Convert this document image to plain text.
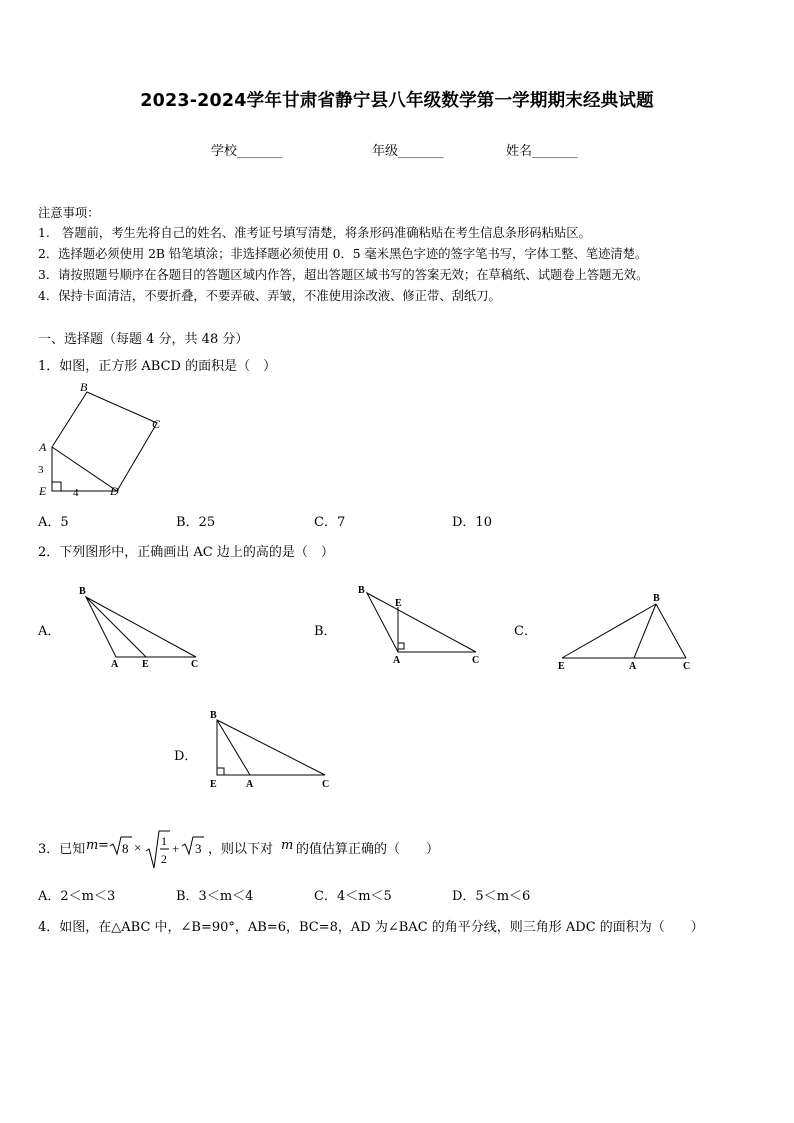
2023-2024学年甘肃省静宁县八年级数学第一学期期末经典试题
学校_______	年级_______	姓名_______
注意事项：
1.　答题前，考生先将自己的姓名、准考证号填写清楚，将条形码准确粘贴在考生信息条形码粘贴区。
2．选择题必须使用 2B 铅笔填涂；非选择题必须使用 0．5 毫米黑色字迹的签字笔书写，字体工整、笔迹清楚。
3．请按照题号顺序在各题目的答题区域内作答，超出答题区域书写的答案无效；在草稿纸、试题卷上答题无效。
4．保持卡面清洁，不要折叠，不要弄破、弄皱，不准使用涂改液、修正带、刮纸刀。
一、选择题（每题 4 分，共 48 分）
1．如图，正方形 ABCD 的面积是（　）
B
C
A
E	D
3
4
A．5	B．25	C．7	D．10
2．下列图形中，正确画出 AC 边上的高的是（　）
A．
B
A E	C
B．
B
E
A	C
C．
B
E	A	C
D．
B
E	A	C
3．已知 m = 8 × 1
2
+ 3 ，则以下对 m 的值估算正确的（　　）
A．2＜m＜3	B．3＜m＜4	C．4＜m＜5	D．5＜m＜6
4．如图，在△ABC 中，∠B=90°，AB=6，BC=8，AD 为∠BAC 的角平分线，则三角形 ADC 的面积为（　　）
